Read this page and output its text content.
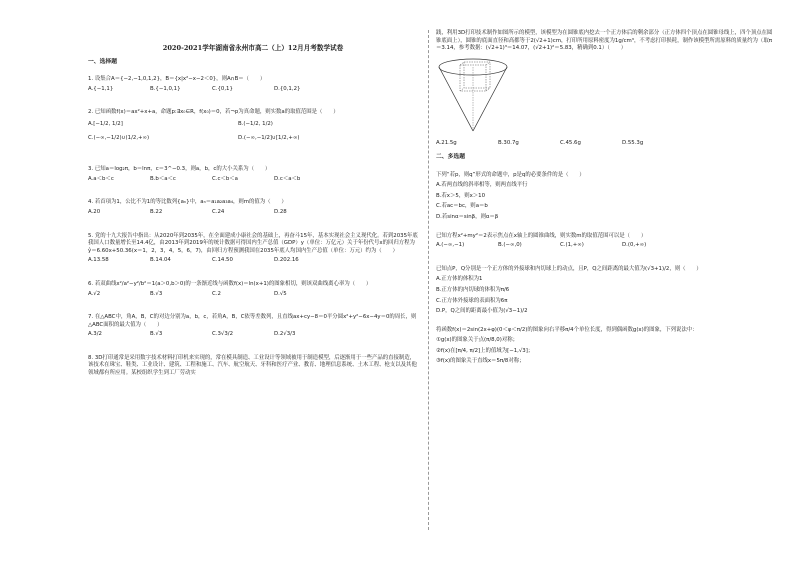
2020-2021学年湖南省永州市高二（上）12月月考数学试卷
一、选择题
1. 设集合A＝{−2,−1,0,1,2}，B＝{x|x²−x−2＜0}，则A∩B＝（　　）
A.{−1,1}	B.{−1,0,1}	C.{0,1}	D.{0,1,2}
2. 已知函数f(x)＝ax²+x+a，命题p:∃x₀∈R，f(x₀)＝0，若¬p为真命题，则实数a的取值范围是（　　）
A.[−1/2, 1/2]	B.(−1/2, 1/2)
C.(−∞,−1/2)∪(1/2,+∞)	D.(−∞,−1/2]∪[1/2,+∞)
3. 已知a＝log₂π，b＝lnπ，c＝3^−0.3，则a，b，c的大小关系为（　　）
A.a＜b＜c	B.b＜a＜c	C.c＜b＜a	D.c＜a＜b
4. 若首项为1，公比不为1的等比数列{aₙ}中，aₙ＝a₁a₂a₃a₄，则m的值为（　　）
A.20	B.22	C.24	D.28
5. 党的十九大报告中指出：从2020年到2035年，在全面建成小康社会的基础上，再奋斗15年，基本实现社会主义现代化。若到2035年底我国人口数量增长至14.4亿，由2013年到2019年的统计数据可得国内生产总值（GDP）y（单位：万亿元）关于年份代号x的回归方程为ŷ＝6.60x+50.36(x＝1，2，3，4，5，6，7)，由回归方程预测我国在2035年底人均国内生产总值（单位：万元）约为（　　）
A.13.58	B.14.04	C.14.50	D.202.16
6. 若双曲线x²/a²−y²/b²＝1(a＞0,b＞0)的一条渐近线与函数f(x)＝ln(x+1)的图象相切，则该双曲线离心率为（　　）
A.√2	B.√3	C.2	D.√5
7. 在△ABC中，角A，B，C的对边分别为a，b，c，若角A，B，C依等差数列，且直线ax+cy−8＝0平分圆x²+y²−6x−4y＝0的周长，则△ABC面积的最大值为（　　）
A.3/2	B.√3	C.3√3/2	D.2√3/3
8. 3D打印通常是采用数字技术材料打印机来实现的，常在模具制造、工业设计等领域被用于制造模型，后逐渐用于一些产品的直接制造，该技术在珠宝、鞋类、工业设计、建筑、工程和施工、汽车、航空航天、牙科和医疗产业、教育、地理信息系统、土木工程、枪支以及其他领域都有所应用。某校组织学生到工厂劳动实
践，利用3D打印技术制作如图所示的模型，该模型为在圆锥底内挖去一个正方体后的剩余部分（正方体四个顶点在圆锥母线上，四个顶点在圆锥底面上），圆锥的底面直径和高都等于2(√2+1)cm，打印所用原料密度为1g/cm³，不考虑打印损耗，制作该模型所需原料的质量约为（取π＝3.14，参考数据：(√2+1)³＝14.07，(√2+1)²＝5.83，精确到0.1）（　　）
A.21.5g	B.30.7g	C.45.6g	D.55.3g
二、多选题
下列“若p，则q”形式的命题中，p是q的必要条件的是（　　）
A.若两直线的斜率相等，则两直线平行
B.若x＞5，则x＞10
C.若ac＝bc，则a＝b
D.若sinα＝sinβ，则α＝β
已知方程x²+my²＝2表示焦点在x轴上的圆锥曲线，则实数m的取值范围可以是（　　）
A.(−∞,−1)	B.(−∞,0)	C.(1,+∞)	D.(0,+∞)
已知点P，Q分别是一个正方体的外接球和内切球上的动点，且P，Q之间距离的最大值为(√3+1)/2，则（　　）
A.正方体的体积为1
B.正方体的内切球的体积为π/6
C.正方体外接球的表面积为6π
D.P，Q之间的距离最小值为(√3−1)/2
将函数f(x)＝2sin(2x+φ)(0＜φ＜π/2)的图象向右平移π/4个单位长度，得到偶函数g(x)的图象，下列说法中：
①g(x)的图象关于点(π/8,0)对称；
②f(x)在[π/4, π/2]上的值域为[−1,√3]；
③f(x)的图象关于直线x＝5π/8对称；
